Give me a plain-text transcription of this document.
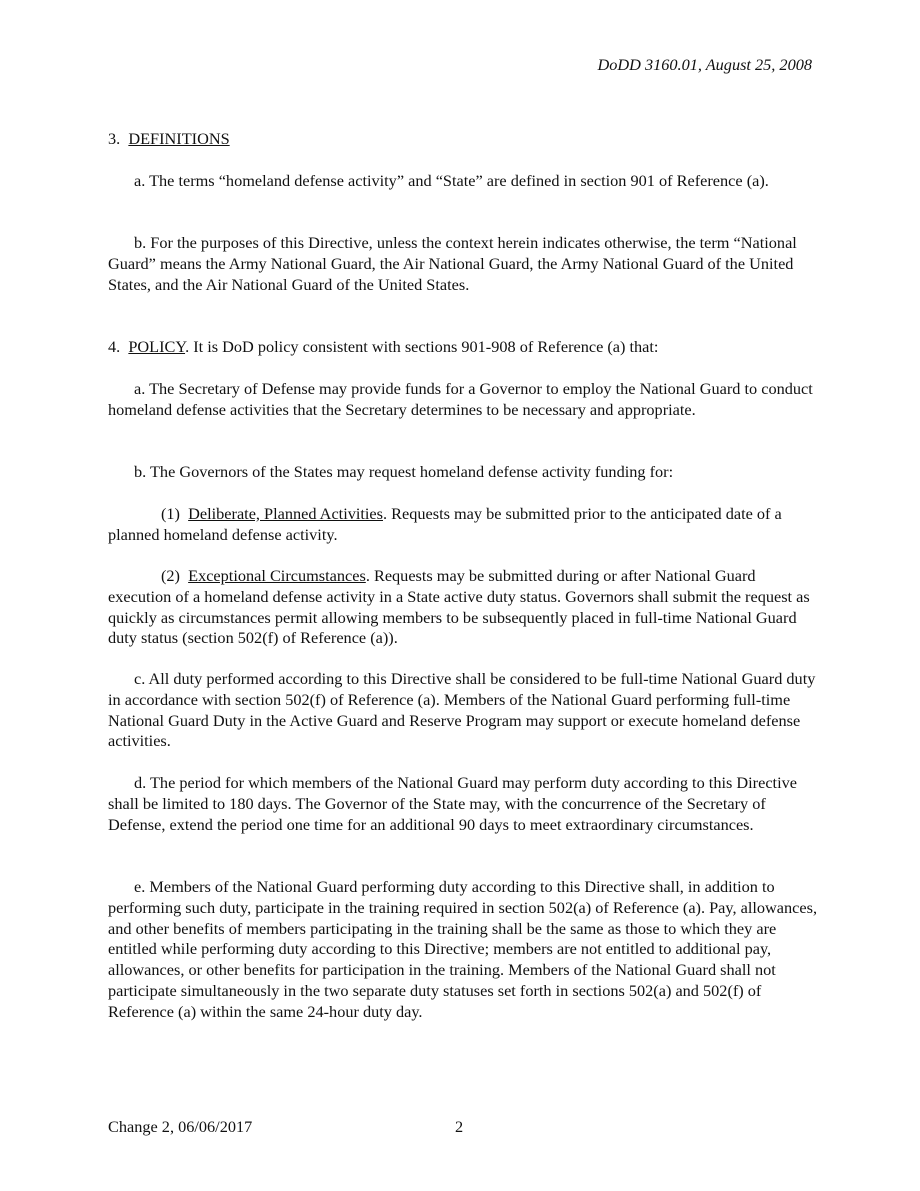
DoDD 3160.01, August 25, 2008

3. DEFINITIONS

a. The terms “homeland defense activity” and “State” are defined in section 901 of Reference (a).

b. For the purposes of this Directive, unless the context herein indicates otherwise, the term “National Guard” means the Army National Guard, the Air National Guard, the Army National Guard of the United States, and the Air National Guard of the United States.

4. POLICY. It is DoD policy consistent with sections 901-908 of Reference (a) that:

a. The Secretary of Defense may provide funds for a Governor to employ the National Guard to conduct homeland defense activities that the Secretary determines to be necessary and appropriate.

b. The Governors of the States may request homeland defense activity funding for:

(1) Deliberate, Planned Activities. Requests may be submitted prior to the anticipated date of a planned homeland defense activity.

(2) Exceptional Circumstances. Requests may be submitted during or after National Guard execution of a homeland defense activity in a State active duty status. Governors shall submit the request as quickly as circumstances permit allowing members to be subsequently placed in full-time National Guard duty status (section 502(f) of Reference (a)).

c. All duty performed according to this Directive shall be considered to be full-time National Guard duty in accordance with section 502(f) of Reference (a). Members of the National Guard performing full-time National Guard Duty in the Active Guard and Reserve Program may support or execute homeland defense activities.

d. The period for which members of the National Guard may perform duty according to this Directive shall be limited to 180 days. The Governor of the State may, with the concurrence of the Secretary of Defense, extend the period one time for an additional 90 days to meet extraordinary circumstances.

e. Members of the National Guard performing duty according to this Directive shall, in addition to performing such duty, participate in the training required in section 502(a) of Reference (a). Pay, allowances, and other benefits of members participating in the training shall be the same as those to which they are entitled while performing duty according to this Directive; members are not entitled to additional pay, allowances, or other benefits for participation in the training. Members of the National Guard shall not participate simultaneously in the two separate duty statuses set forth in sections 502(a) and 502(f) of Reference (a) within the same 24-hour duty day.

Change 2, 06/06/2017	2
